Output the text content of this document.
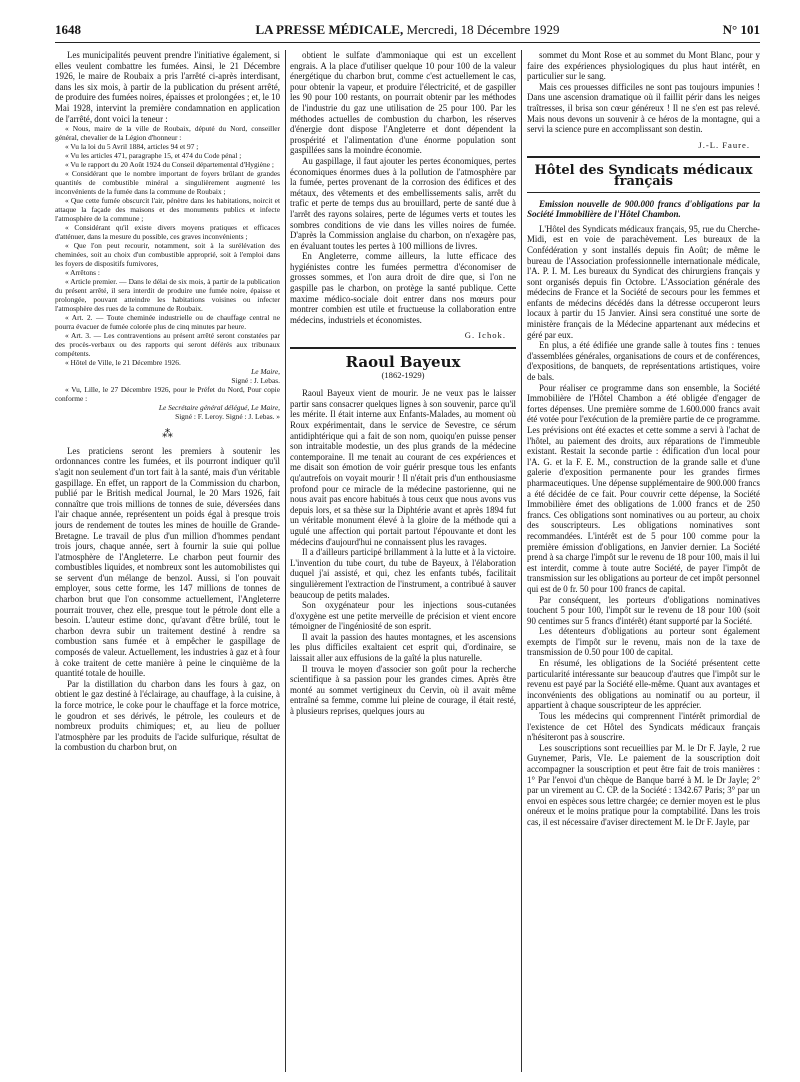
1648	LA PRESSE MÉDICALE, Mercredi, 18 Décembre 1929	N° 101

Les municipalités peuvent prendre l'initiative également, si elles veulent combattre les fumées. Ainsi, le 21 Décembre 1926, le maire de Roubaix a pris l'arrêté ci-après interdisant, dans les six mois, à partir de la publication du présent arrêté, de produire des fumées noires, épaisses et prolongées ; et, le 10 Mai 1928, intervint la première condamnation en application de l'arrêté, dont voici la teneur :

« Nous, maire de la ville de Roubaix, député du Nord, conseiller général, chevalier de la Légion d'honneur :

« Vu la loi du 5 Avril 1884, articles 94 et 97 ;

« Vu les articles 471, paragraphe 15, et 474 du Code pénal ;

« Vu le rapport du 20 Août 1924 du Conseil départemental d'Hygiène ;

« Considérant que le nombre important de foyers brûlant de grandes quantités de combustible minéral a singulièrement augmenté les inconvénients de la fumée dans la commune de Roubaix ;

« Que cette fumée obscurcit l'air, pénètre dans les habitations, noircit et attaque la façade des maisons et des monuments publics et infecte l'atmosphère de la commune ;

« Considérant qu'il existe divers moyens pratiques et efficaces d'atténuer, dans la mesure du possible, ces graves inconvénients ;

« Que l'on peut recourir, notamment, soit à la surélévation des cheminées, soit au choix d'un combustible approprié, soit à l'emploi dans les foyers de dispositifs fumivores,

« Arrêtons :

« Article premier. — Dans le délai de six mois, à partir de la publication du présent arrêté, il sera interdit de produire une fumée noire, épaisse et prolongée, pouvant atteindre les habitations voisines ou infecter l'atmosphère des rues de la commune de Roubaix.

« Art. 2. — Toute cheminée industrielle ou de chauffage central ne pourra évacuer de fumée colorée plus de cinq minutes par heure.

« Art. 3. — Les contraventions au présent arrêté seront constatées par des procès-verbaux ou des rapports qui seront déférés aux tribunaux compétents.

« Hôtel de Ville, le 21 Décembre 1926.

Le Maire,
Signé : J. Lebas.

« Vu, Lille, le 27 Décembre 1926, pour le Préfet du Nord, Pour copie conforme :

Le Secrétaire général délégué, Le Maire,
Signé : F. Leroy. Signé : J. Lebas. »
⁂

Les praticiens seront les premiers à soutenir les ordonnances contre les fumées, et ils pourront indiquer qu'il s'agit non seulement d'un tort fait à la santé, mais d'un véritable gaspillage. En effet, un rapport de la Commission du charbon, publié par le British medical Journal, le 20 Mars 1926, fait connaître que trois millions de tonnes de suie, déversées dans l'air chaque année, représentent un poids égal à presque trois jours de rendement de toutes les mines de houille de Grande-Bretagne. Le travail de plus d'un million d'hommes pendant trois jours, chaque année, sert à fournir la suie qui pollue l'atmosphère de l'Angleterre. Le charbon peut fournir des combustibles liquides, et nombreux sont les automobilistes qui se servent d'un mélange de benzol. Aussi, si l'on pouvait employer, sous cette forme, les 147 millions de tonnes de charbon brut que l'on consomme actuellement, l'Angleterre pourrait trouver, chez elle, presque tout le pétrole dont elle a besoin. L'auteur estime donc, qu'avant d'être brûlé, tout le charbon devra subir un traitement destiné à rendre sa combustion sans fumée et à empêcher le gaspillage de composés de valeur. Actuellement, les industries à gaz et à four à coke traitent de cette manière à peine le cinquième de la quantité totale de houille.

Par la distillation du charbon dans les fours à gaz, on obtient le gaz destiné à l'éclairage, au chauffage, à la cuisine, à la force motrice, le coke pour le chauffage et la force motrice, le goudron et ses dérivés, le pétrole, les couleurs et de nombreux produits chimiques; et, au lieu de polluer l'atmosphère par les produits de l'acide sulfurique, résultat de la combustion du charbon brut, on

obtient le sulfate d'ammoniaque qui est un excellent engrais. A la place d'utiliser quelque 10 pour 100 de la valeur énergétique du charbon brut, comme c'est actuellement le cas, pour obtenir la vapeur, et produire l'électricité, et de gaspiller les 90 pour 100 restants, on pourrait obtenir par les méthodes de l'industrie du gaz une utilisation de 25 pour 100. Par les méthodes actuelles de combustion du charbon, les réserves d'énergie dont dispose l'Angleterre et dont dépendent la prospérité et l'alimentation d'une énorme population sont gaspillées sans la moindre économie.

Au gaspillage, il faut ajouter les pertes économiques, pertes économiques énormes dues à la pollution de l'atmosphère par la fumée, pertes provenant de la corrosion des édifices et des métaux, des vêtements et des embellissements salis, arrêt du trafic et perte de temps dus au brouillard, perte de santé due à l'arrêt des rayons solaires, perte de légumes verts et toutes les sombres conditions de vie dans les villes noires de fumée. D'après la Commission anglaise du charbon, on n'exagère pas, en évaluant toutes les pertes à 100 millions de livres.

En Angleterre, comme ailleurs, la lutte efficace des hygiénistes contre les fumées permettra d'économiser de grosses sommes, et l'on aura droit de dire que, si l'on ne gaspille pas le charbon, on protège la santé publique. Cette maxime médico-sociale doit entrer dans nos mœurs pour montrer combien est utile et fructueuse la collaboration entre médecins, industriels et économistes.

G. Ichok.
Raoul Bayeux
(1862-1929)

Raoul Bayeux vient de mourir. Je ne veux pas le laisser partir sans consacrer quelques lignes à son souvenir, parce qu'il les mérite. Il était interne aux Enfants-Malades, au moment où Roux expérimentait, dans le service de Sevestre, ce sérum antidiphtérique qui a fait de son nom, quoiqu'en puisse penser son intraitable modestie, un des plus grands de la médecine contemporaine. Il me tenait au courant de ces expériences et me disait son émotion de voir guérir presque tous les enfants qu'autrefois on voyait mourir ! Il n'était pris d'un enthousiasme profond pour ce miracle de la médecine pastorienne, qui ne nous avait pas encore habitués à tous ceux que nous avons vus depuis lors, et sa thèse sur la Diphtérie avant et après 1894 fut un véritable monument élevé à la gloire de la méthode qui a ugulé une affection qui portait partout l'épouvante et dont les médecins d'aujourd'hui ne connaissent plus les ravages.

Il a d'ailleurs participé brillamment à la lutte et à la victoire. L'invention du tube court, du tube de Bayeux, à l'élaboration duquel j'ai assisté, et qui, chez les enfants tubés, facilitait singulièrement l'extraction de l'instrument, a contribué à sauver beaucoup de petits malades.

Son oxygénateur pour les injections sous-cutanées d'oxygène est une petite merveille de précision et vient encore témoigner de l'ingéniosité de son esprit.

Il avait la passion des hautes montagnes, et les ascensions les plus difficiles exaltaient cet esprit qui, d'ordinaire, se laissait aller aux effusions de la gaîté la plus naturelle.

Il trouva le moyen d'associer son goût pour la recherche scientifique à sa passion pour les grandes cimes. Après être monté au sommet vertigineux du Cervin, où il avait même entraîné sa femme, comme lui pleine de courage, il était resté, à plusieurs reprises, quelques jours au

sommet du Mont Rose et au sommet du Mont Blanc, pour y faire des expériences physiologiques du plus haut intérêt, en particulier sur le sang.

Mais ces prouesses difficiles ne sont pas toujours impunies ! Dans une ascension dramatique où il faillit périr dans les neiges traîtresses, il brisa son cœur généreux ! Il ne s'en est pas relevé. Mais nous devons un souvenir à ce héros de la montagne, qui a servi la science pure en accomplissant son destin.

J.-L. Faure.
Hôtel des Syndicats médicaux français

Emission nouvelle de 900.000 francs d'obligations par la Société Immobilière de l'Hôtel Chambon.

L'Hôtel des Syndicats médicaux français, 95, rue du Cherche-Midi, est en voie de parachèvement. Les bureaux de la Confédération y sont installés depuis fin Août; de même le bureau de l'Association professionnelle internationale médicale, l'A. P. I. M. Les bureaux du Syndicat des chirurgiens français y sont organisés depuis fin Octobre. L'Association générale des médecins de France et la Société de secours pour les femmes et enfants de médecins décédés dans la détresse occuperont leurs locaux à partir du 15 Janvier. Ainsi sera constitué une sorte de ministère français de la Médecine appartenant aux médecins et géré par eux.

En plus, a été édifiée une grande salle à toutes fins : tenues d'assemblées générales, organisations de cours et de conférences, d'expositions, de banquets, de représentations artistiques, voire de bals.

Pour réaliser ce programme dans son ensemble, la Société Immobilière de l'Hôtel Chambon a été obligée d'engager de fortes dépenses. Une première somme de 1.600.000 francs avait été votée pour l'exécution de la première partie de ce programme. Les prévisions ont été exactes et cette somme a servi à l'achat de l'hôtel, au paiement des droits, aux réparations de l'immeuble existant. Restait la seconde partie : édification d'un local pour l'A. G. et la F. E. M., construction de la grande salle et d'une galerie d'exposition permanente pour les grandes firmes pharmaceutiques. Une dépense supplémentaire de 900.000 francs a été décidée de ce fait. Pour couvrir cette dépense, la Société Immobilière émet des obligations de 1.000 francs et de 250 francs. Ces obligations sont nominatives ou au porteur, au choix des souscripteurs. Les obligations nominatives sont recommandées. L'intérêt est de 5 pour 100 comme pour la première émission d'obligations, en Janvier dernier. La Société prend à sa charge l'impôt sur le revenu de 18 pour 100, mais il lui est interdit, comme à toute autre Société, de payer l'impôt de transmission sur les obligations au porteur de cet impôt personnel qui est de 0 fr. 50 pour 100 francs de capital.

Par conséquent, les porteurs d'obligations nominatives touchent 5 pour 100, l'impôt sur le revenu de 18 pour 100 (soit 90 centimes sur 5 francs d'intérêt) étant supporté par la Société.

Les détenteurs d'obligations au porteur sont également exempts de l'impôt sur le revenu, mais non de la taxe de transmission de 0.50 pour 100 de capital.

En résumé, les obligations de la Société présentent cette particularité intéressante sur beaucoup d'autres que l'impôt sur le revenu est payé par la Société elle-même. Quant aux avantages et inconvénients des obligations au nominatif ou au porteur, il appartient à chaque souscripteur de les apprécier.

Tous les médecins qui comprennent l'intérêt primordial de l'existence de cet Hôtel des Syndicats médicaux français n'hésiteront pas à souscrire.

Les souscriptions sont recueillies par M. le Dr F. Jayle, 2 rue Guynemer, Paris, VIe. Le paiement de la souscription doit accompagner la souscription et peut être fait de trois manières : 1° Par l'envoi d'un chèque de Banque barré à M. le Dr Jayle; 2° par un virement au C. CP. de la Société : 1342.67 Paris; 3° par un envoi en espèces sous lettre chargée; ce dernier moyen est le plus onéreux et le moins pratique pour la comptabilité. Dans les trois cas, il est nécessaire d'aviser directement M. le Dr F. Jayle, par
